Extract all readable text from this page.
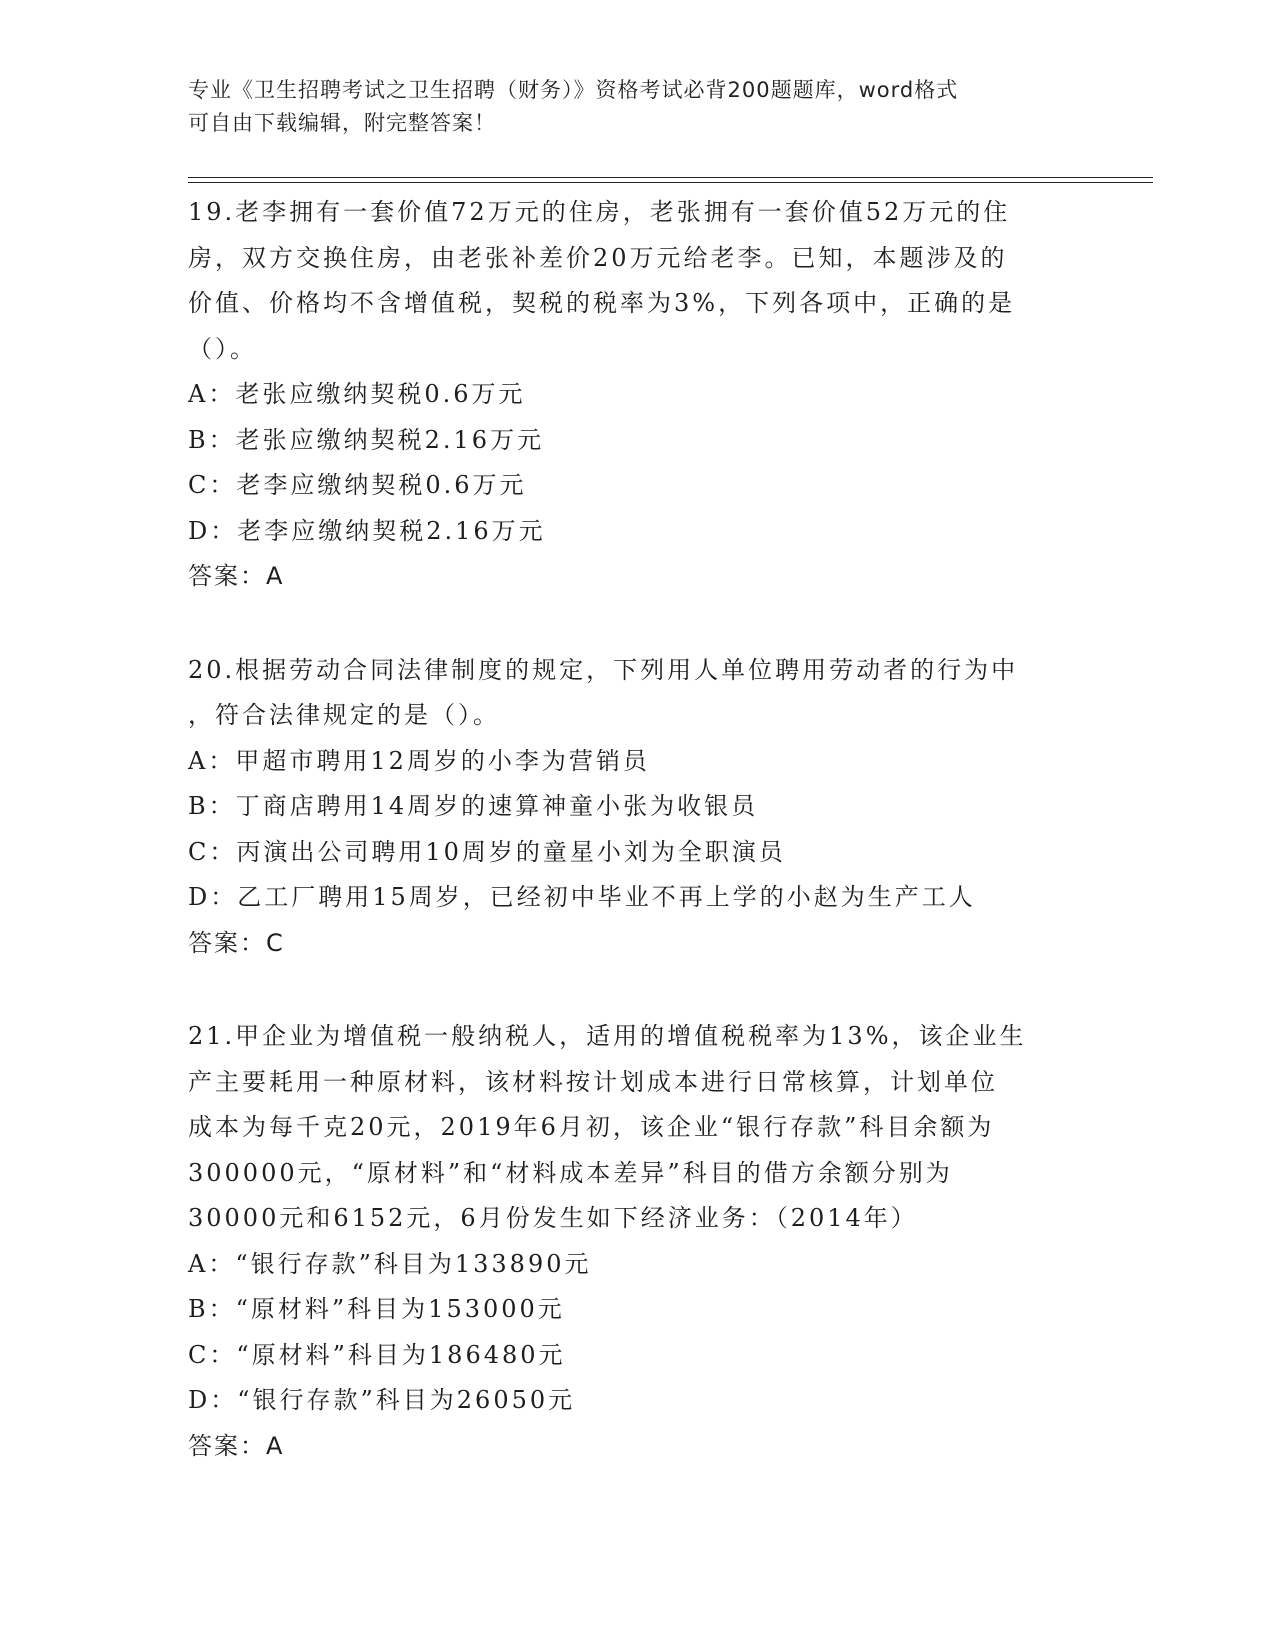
专业《卫生招聘考试之卫生招聘（财务）》资格考试必背200题题库，word格式
可自由下载编辑，附完整答案！
19.老李拥有一套价值72万元的住房，老张拥有一套价值52万元的住
房，双方交换住房，由老张补差价20万元给老李。已知，本题涉及的
价值、价格均不含增值税，契税的税率为3%，下列各项中，正确的是
（）。
A：老张应缴纳契税0.6万元
B：老张应缴纳契税2.16万元
C：老李应缴纳契税0.6万元
D：老李应缴纳契税2.16万元
答案：A
20.根据劳动合同法律制度的规定，下列用人单位聘用劳动者的行为中
，符合法律规定的是（）。
A：甲超市聘用12周岁的小李为营销员
B：丁商店聘用14周岁的速算神童小张为收银员
C：丙演出公司聘用10周岁的童星小刘为全职演员
D：乙工厂聘用15周岁，已经初中毕业不再上学的小赵为生产工人
答案：C
21.甲企业为增值税一般纳税人，适用的增值税税率为13%，该企业生
产主要耗用一种原材料，该材料按计划成本进行日常核算，计划单位
成本为每千克20元，2019年6月初，该企业“银行存款”科目余额为
300000元，“原材料”和“材料成本差异”科目的借方余额分别为
30000元和6152元，6月份发生如下经济业务：（2014年）
A：“银行存款”科目为133890元
B：“原材料”科目为153000元
C：“原材料”科目为186480元
D：“银行存款”科目为26050元
答案：A
